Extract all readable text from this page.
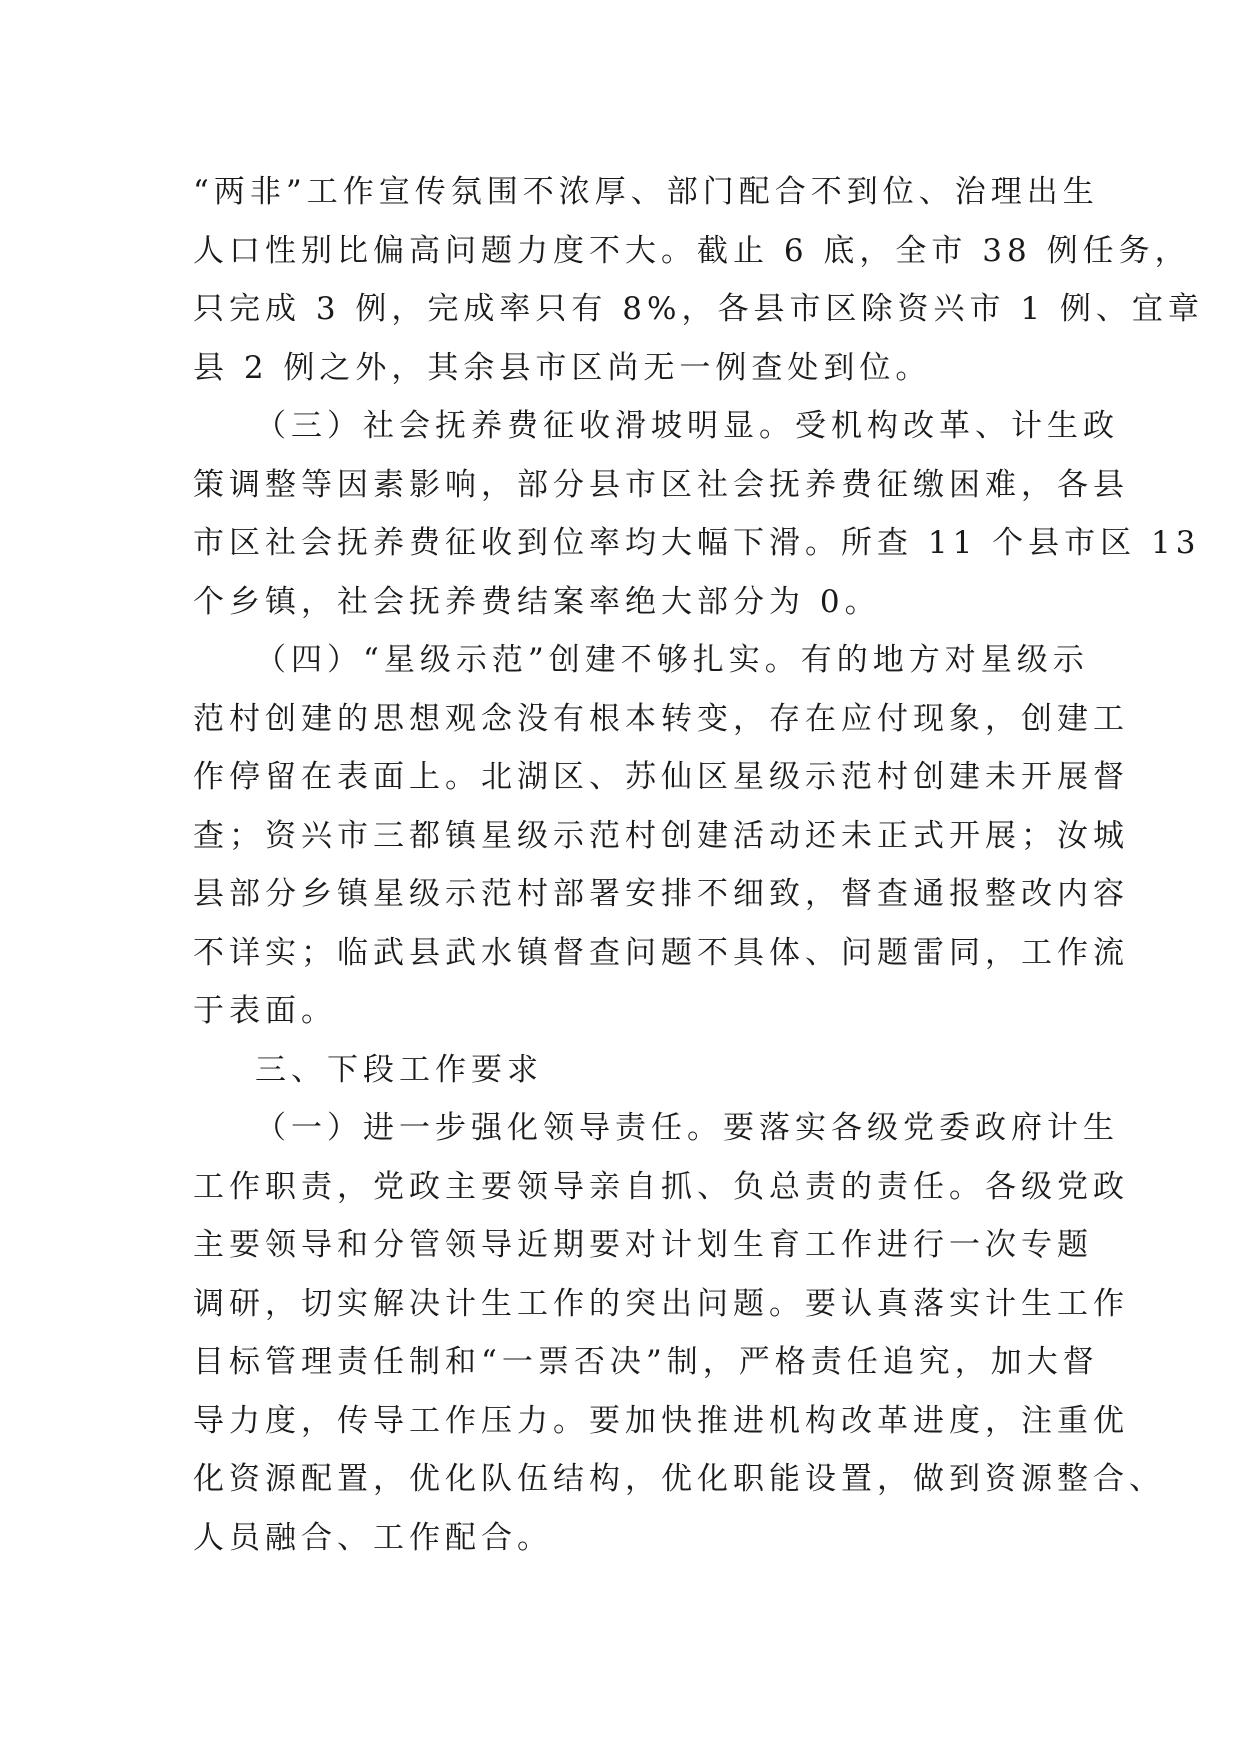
“两非”工作宣传氛围不浓厚、部门配合不到位、治理出生
人口性别比偏高问题力度不大。截止 6 底，全市 38 例任务，
只完成 3 例，完成率只有 8%，各县市区除资兴市 1 例、宜章
县 2 例之外，其余县市区尚无一例查处到位。
（三）社会抚养费征收滑坡明显。受机构改革、计生政
策调整等因素影响，部分县市区社会抚养费征缴困难，各县
市区社会抚养费征收到位率均大幅下滑。所查 11 个县市区 13
个乡镇，社会抚养费结案率绝大部分为 0。
（四）“星级示范”创建不够扎实。有的地方对星级示
范村创建的思想观念没有根本转变，存在应付现象，创建工
作停留在表面上。北湖区、苏仙区星级示范村创建未开展督
查；资兴市三都镇星级示范村创建活动还未正式开展；汝城
县部分乡镇星级示范村部署安排不细致，督查通报整改内容
不详实；临武县武水镇督查问题不具体、问题雷同，工作流
于表面。
三、下段工作要求
（一）进一步强化领导责任。要落实各级党委政府计生
工作职责，党政主要领导亲自抓、负总责的责任。各级党政
主要领导和分管领导近期要对计划生育工作进行一次专题
调研，切实解决计生工作的突出问题。要认真落实计生工作
目标管理责任制和“一票否决”制，严格责任追究，加大督
导力度，传导工作压力。要加快推进机构改革进度，注重优
化资源配置，优化队伍结构，优化职能设置，做到资源整合、
人员融合、工作配合。
